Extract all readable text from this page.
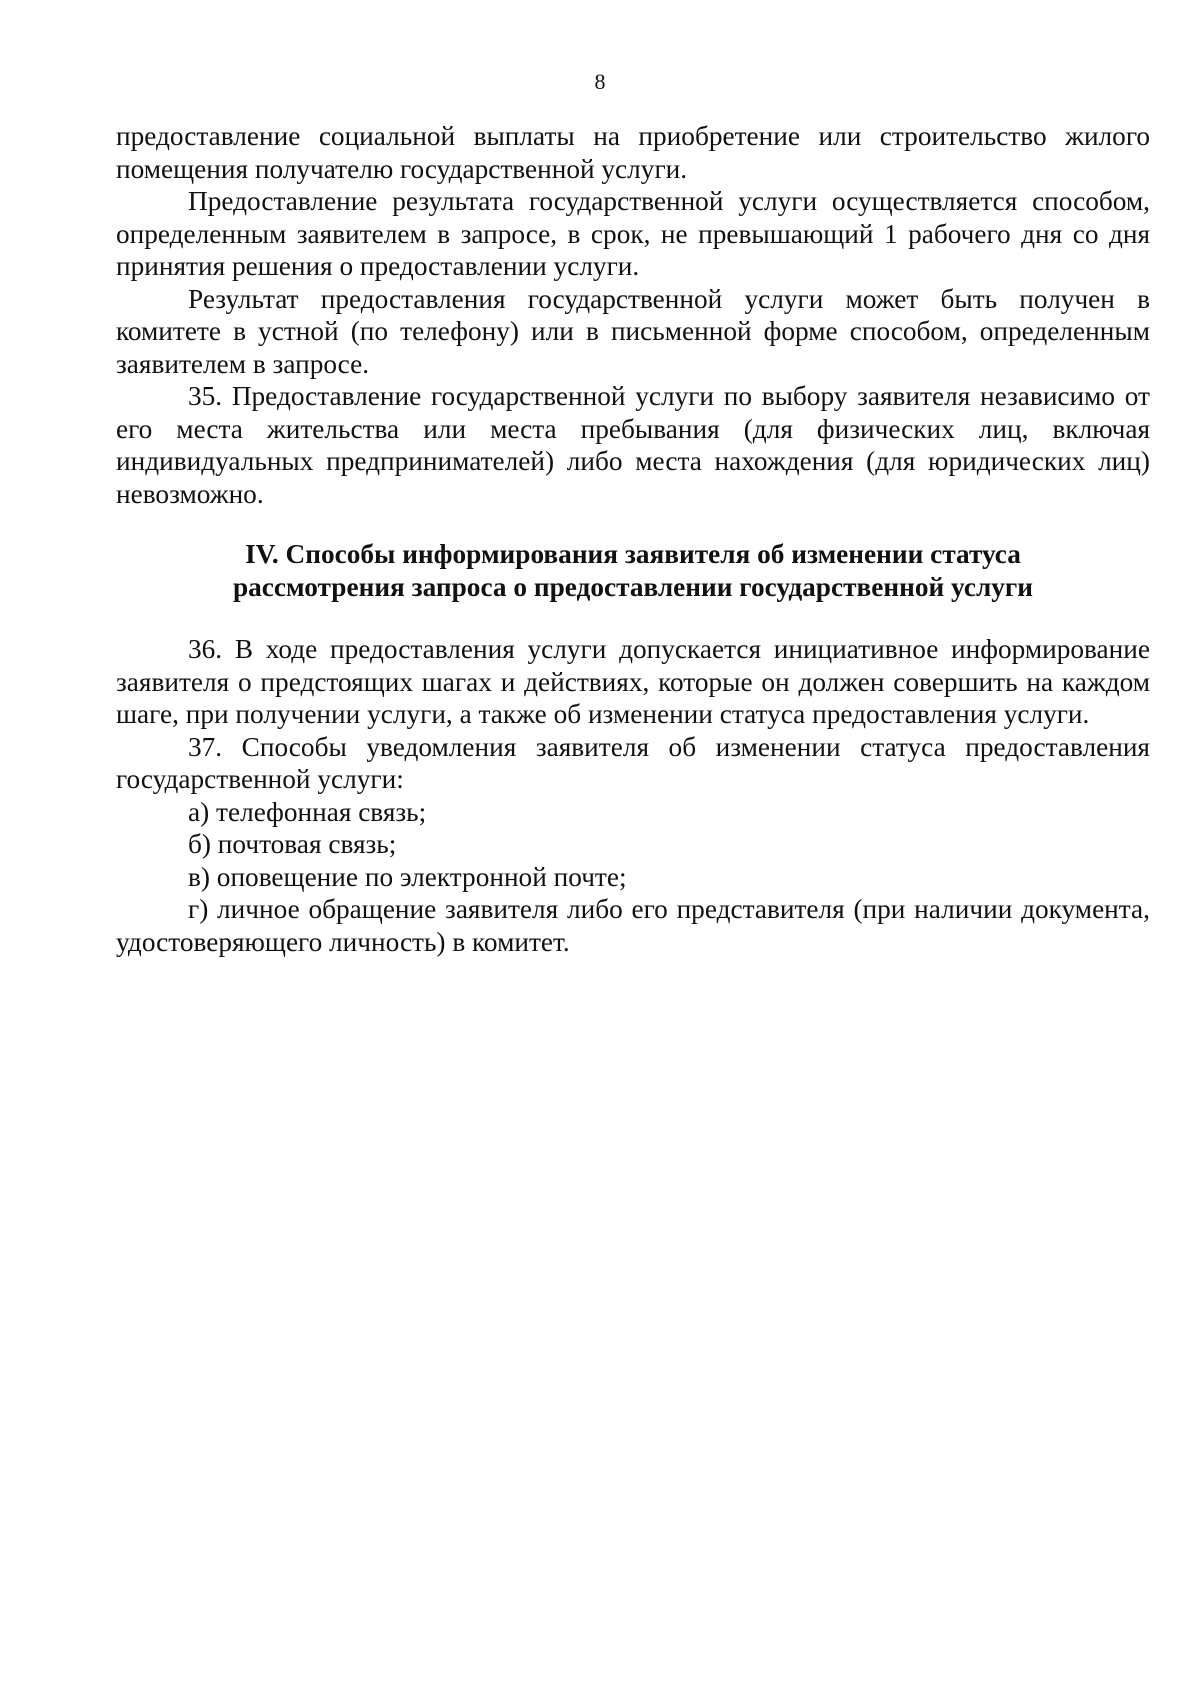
8

предоставление социальной выплаты на приобретение или строительство жилого помещения получателю государственной услуги.

Предоставление результата государственной услуги осуществляется способом, определенным заявителем в запросе, в срок, не превышающий 1 рабочего дня со дня принятия решения о предоставлении услуги.

Результат предоставления государственной услуги может быть получен в комитете в устной (по телефону) или в письменной форме способом, определенным заявителем в запросе.

35. Предоставление государственной услуги по выбору заявителя независимо от его места жительства или места пребывания (для физических лиц, включая индивидуальных предпринимателей) либо места нахождения (для юридических лиц) невозможно.

IV. Способы информирования заявителя об изменении статуса
рассмотрения запроса о предоставлении государственной услуги

36. В ходе предоставления услуги допускается инициативное информирование заявителя о предстоящих шагах и действиях, которые он должен совершить на каждом шаге, при получении услуги, а также об изменении статуса предоставления услуги.

37. Способы уведомления заявителя об изменении статуса предоставления государственной услуги:

а) телефонная связь;

б) почтовая связь;

в) оповещение по электронной почте;

г) личное обращение заявителя либо его представителя (при наличии документа, удостоверяющего личность) в комитет.
